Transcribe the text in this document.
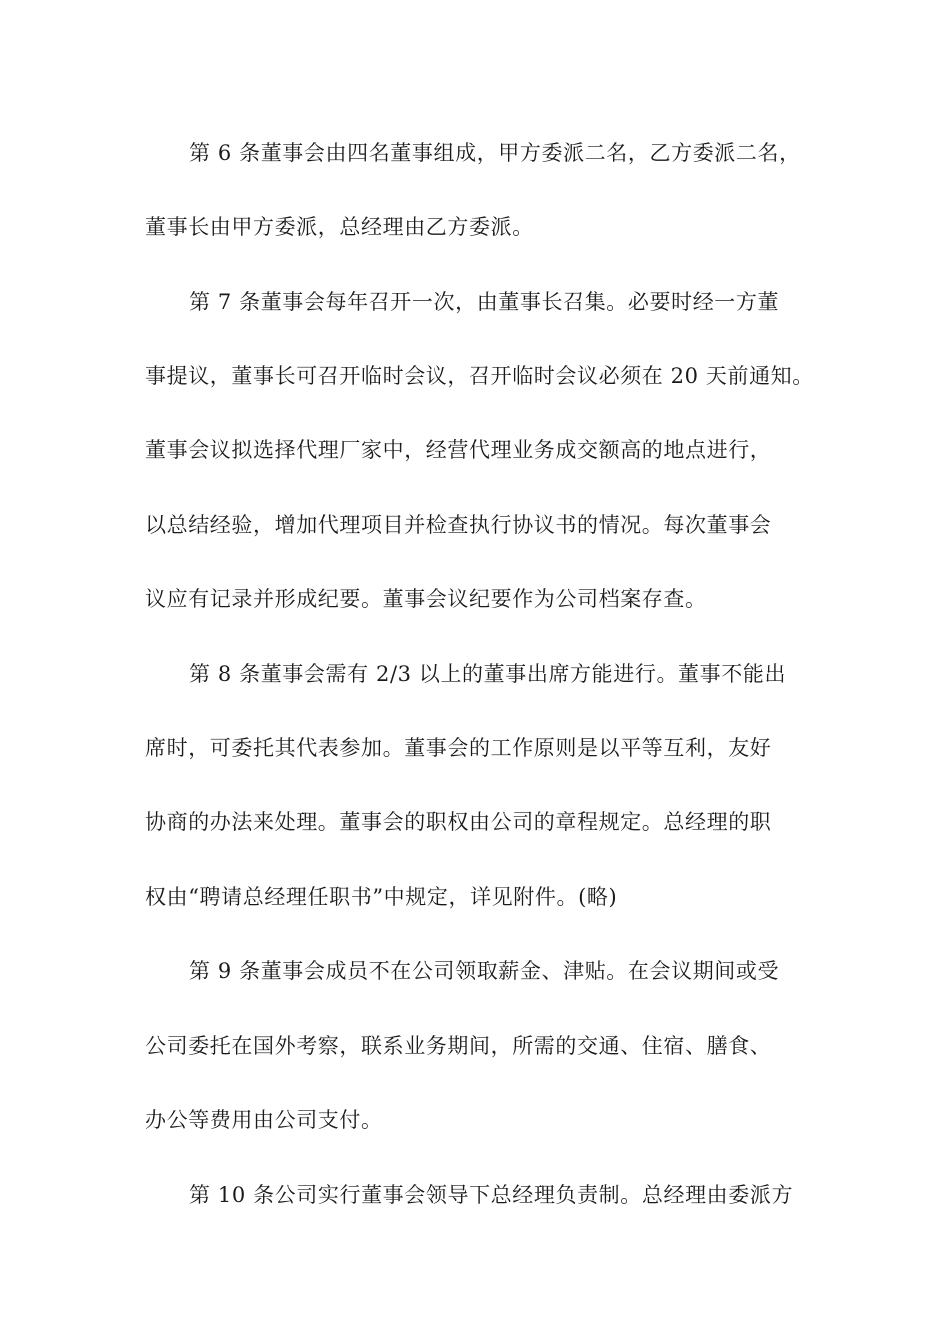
第 6 条董事会由四名董事组成，甲方委派二名，乙方委派二名，
董事长由甲方委派，总经理由乙方委派。
第 7 条董事会每年召开一次，由董事长召集。必要时经一方董
事提议，董事长可召开临时会议，召开临时会议必须在 20 天前通知。
董事会议拟选择代理厂家中，经营代理业务成交额高的地点进行，
以总结经验，增加代理项目并检查执行协议书的情况。每次董事会
议应有记录并形成纪要。董事会议纪要作为公司档案存查。
第 8 条董事会需有 2/3 以上的董事出席方能进行。董事不能出
席时，可委托其代表参加。董事会的工作原则是以平等互利，友好
协商的办法来处理。董事会的职权由公司的章程规定。总经理的职
权由“聘请总经理任职书”中规定，详见附件。(略)
第 9 条董事会成员不在公司领取薪金、津贴。在会议期间或受
公司委托在国外考察，联系业务期间，所需的交通、住宿、膳食、
办公等费用由公司支付。
第 10 条公司实行董事会领导下总经理负责制。总经理由委派方
